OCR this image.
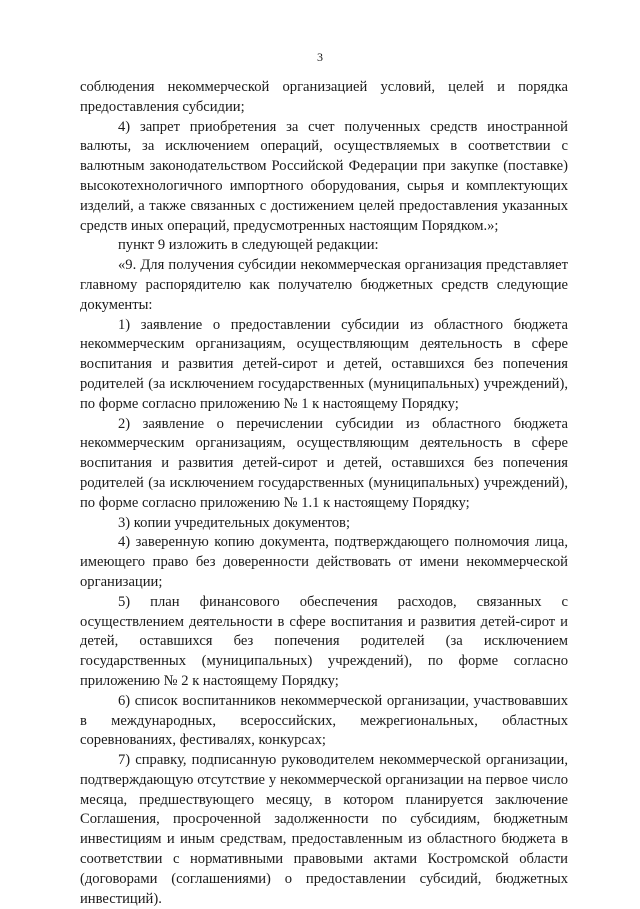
3

соблюдения некоммерческой организацией условий, целей и порядка предоставления субсидии;

4) запрет приобретения за счет полученных средств иностранной валюты, за исключением операций, осуществляемых в соответствии с валютным законодательством Российской Федерации при закупке (поставке) высокотехнологичного импортного оборудования, сырья и комплектующих изделий, а также связанных с достижением целей предоставления указанных средств иных операций, предусмотренных настоящим Порядком.»;

пункт 9 изложить в следующей редакции:

«9. Для получения субсидии некоммерческая организация представляет главному распорядителю как получателю бюджетных средств следующие документы:

1) заявление о предоставлении субсидии из областного бюджета некоммерческим организациям, осуществляющим деятельность в сфере воспитания и развития детей-сирот и детей, оставшихся без попечения родителей (за исключением государственных (муниципальных) учреждений), по форме согласно приложению № 1 к настоящему Порядку;

2) заявление о перечислении субсидии из областного бюджета некоммерческим организациям, осуществляющим деятельность в сфере воспитания и развития детей-сирот и детей, оставшихся без попечения родителей (за исключением государственных (муниципальных) учреждений), по форме согласно приложению № 1.1 к настоящему Порядку;

3) копии учредительных документов;

4) заверенную копию документа, подтверждающего полномочия лица, имеющего право без доверенности действовать от имени некоммерческой организации;

5) план финансового обеспечения расходов, связанных с осуществлением деятельности в сфере воспитания и развития детей-сирот и детей, оставшихся без попечения родителей (за исключением государственных (муниципальных) учреждений), по форме согласно приложению № 2 к настоящему Порядку;

6) список воспитанников некоммерческой организации, участвовавших в международных, всероссийских, межрегиональных, областных соревнованиях, фестивалях, конкурсах;

7) справку, подписанную руководителем некоммерческой организации, подтверждающую отсутствие у некоммерческой организации на первое число месяца, предшествующего месяцу, в котором планируется заключение Соглашения, просроченной задолженности по субсидиям, бюджетным инвестициям и иным средствам, предоставленным из областного бюджета в соответствии с нормативными правовыми актами Костромской области (договорами (соглашениями) о предоставлении субсидий, бюджетных инвестиций).
